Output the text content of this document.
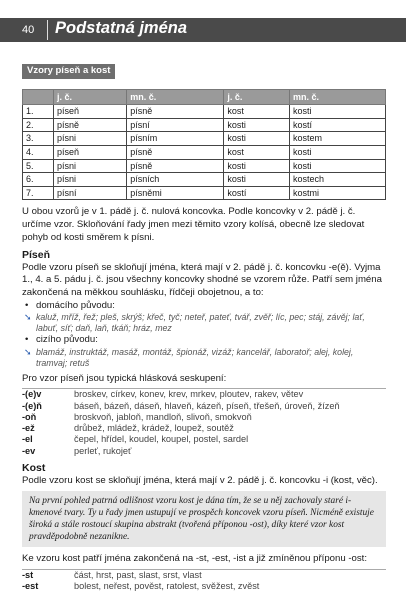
40 Podstatná jména
Vzory píseň a kost
	j. č.	mn. č.	j. č.	mn. č.
1.	píseň	písně	kost	kosti
2.	písně	písní	kosti	kostí
3.	písni	písním	kosti	kostem
4.	píseň	písně	kost	kosti
5.	písni	písně	kosti	kosti
6.	písni	písních	kosti	kostech
7.	písní	písněmi	kostí	kostmi

U obou vzorů je v 1. pádě j. č. nulová koncovka. Podle koncovky v 2. pádě j. č. určíme vzor. Skloňování řady jmen mezi těmito vzory kolísá, obecně lze sledovat pohyb od kosti směrem k písni.

Píseň

Podle vzoru píseň se skloňují jména, která mají v 2. pádě j. č. koncovku -e(ě). Vyjma 1., 4. a 5. pádu j. č. jsou všechny koncovky shodné se vzorem růže. Patří sem jména zakončená na měkkou souhlásku, řídčeji obojetnou, a to:

• domácího původu:

➘ kaluž, mříž, řež; pleš, skrýš; křeč, tyč; neteř, pateť, tvář, zvěř; líc, pec; stáj, závěj; lať, labuť, síť; daň, laň, tkáň; hráz, mez

• cizího původu:

➘ blamáž, instruktáž, masáž, montáž, špionáž, vizáž; kancelář, laboratoř; alej, kolej, tramvaj; retuš

Pro vzor píseň jsou typická hlásková seskupení:

-(e)v	broskev, církev, konev, krev, mrkev, plouteν, rakev, větev
-(e)ň	báseň, bázeň, dáseň, hlaveň, kázeň, píseň, třešeň, úroveň, žízeň
-oň	broskvoň, jabloň, mandloň, slivoň, smokvoň
-ež	drůbež, mládež, krádež, loupež, soutěž
-el	čepel, hřídel, koudel, koupel, postel, sardel
-ev	perleť, rukojeť

Kost

Podle vzoru kost se skloňují jména, která mají v 2. pádě j. č. koncovku -i (kost, věc).

Na první pohled patrná odlišnost vzoru kost je dána tím, že se u něj zachovaly staré i-kmenové tvary. Ty u řady jmen ustupují ve prospěch koncovek vzoru píseň. Nicméně existuje široká a stále rostoucí skupina abstrakt (tvořená příponou -ost), díky které vzor kost pravděpodobně nezanikne.

Ke vzoru kost patří jména zakončená na -st, -est, -ist a již zmíněnou příponu -ost:

-st	část, hrst, past, slast, srst, vlast
-est	bolest, neřest, pověst, ratolest, svěžest, zvěst
